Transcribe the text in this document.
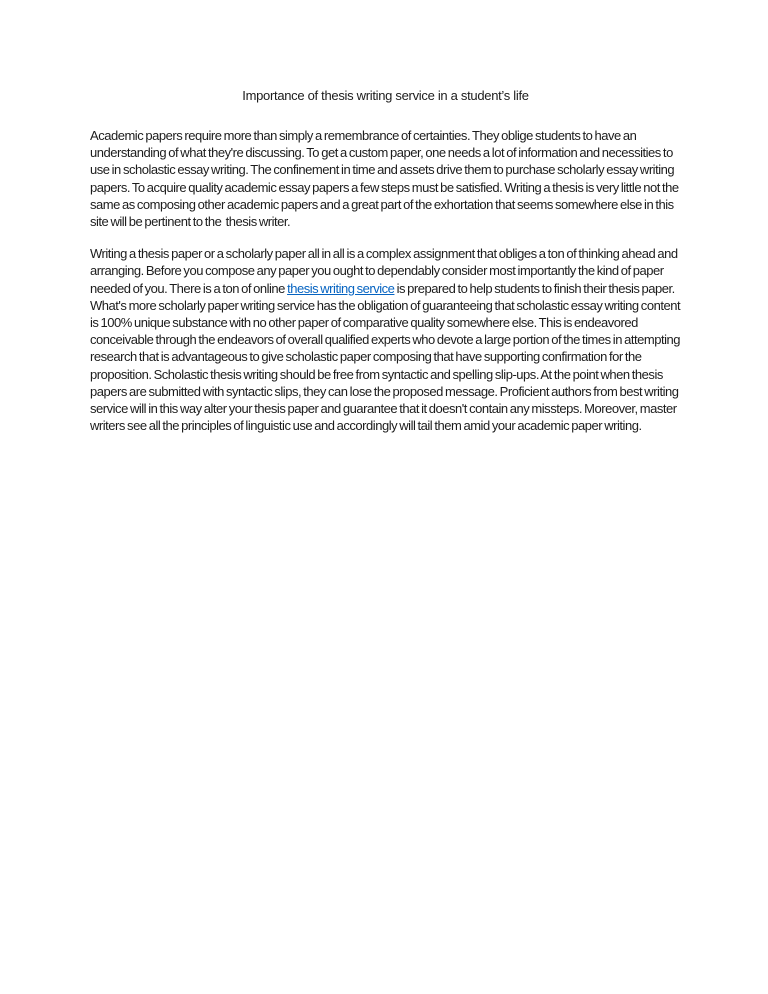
Importance of thesis writing service in a student’s life

Academic papers require more than simply a remembrance of certainties. They oblige students to have an understanding of what they're discussing. To get a custom paper, one needs a lot of information and necessities to use in scholastic essay writing. The confinement in time and assets drive them to purchase scholarly essay writing papers. To acquire quality academic essay papers a few steps must be satisfied. Writing a thesis is very little not the same as composing other academic papers and a great part of the exhortation that seems somewhere else in this site will be pertinent to the  thesis writer.

Writing a thesis paper or a scholarly paper all in all is a complex assignment that obliges a ton of thinking ahead and arranging. Before you compose any paper you ought to dependably consider most importantly the kind of paper needed of you. There is a ton of online thesis writing service is prepared to help students to finish their thesis paper. What's more scholarly paper writing service has the obligation of guaranteeing that scholastic essay writing content is 100% unique substance with no other paper of comparative quality somewhere else. This is endeavored conceivable through the endeavors of overall qualified experts who devote a large portion of the times in attempting research that is advantageous to give scholastic paper composing that have supporting confirmation for the proposition. Scholastic thesis writing should be free from syntactic and spelling slip-ups. At the point when thesis papers are submitted with syntactic slips, they can lose the proposed message. Proficient authors from best writing service will in this way alter your thesis paper and guarantee that it doesn't contain any missteps. Moreover, master writers see all the principles of linguistic use and accordingly will tail them amid your academic paper writing.
